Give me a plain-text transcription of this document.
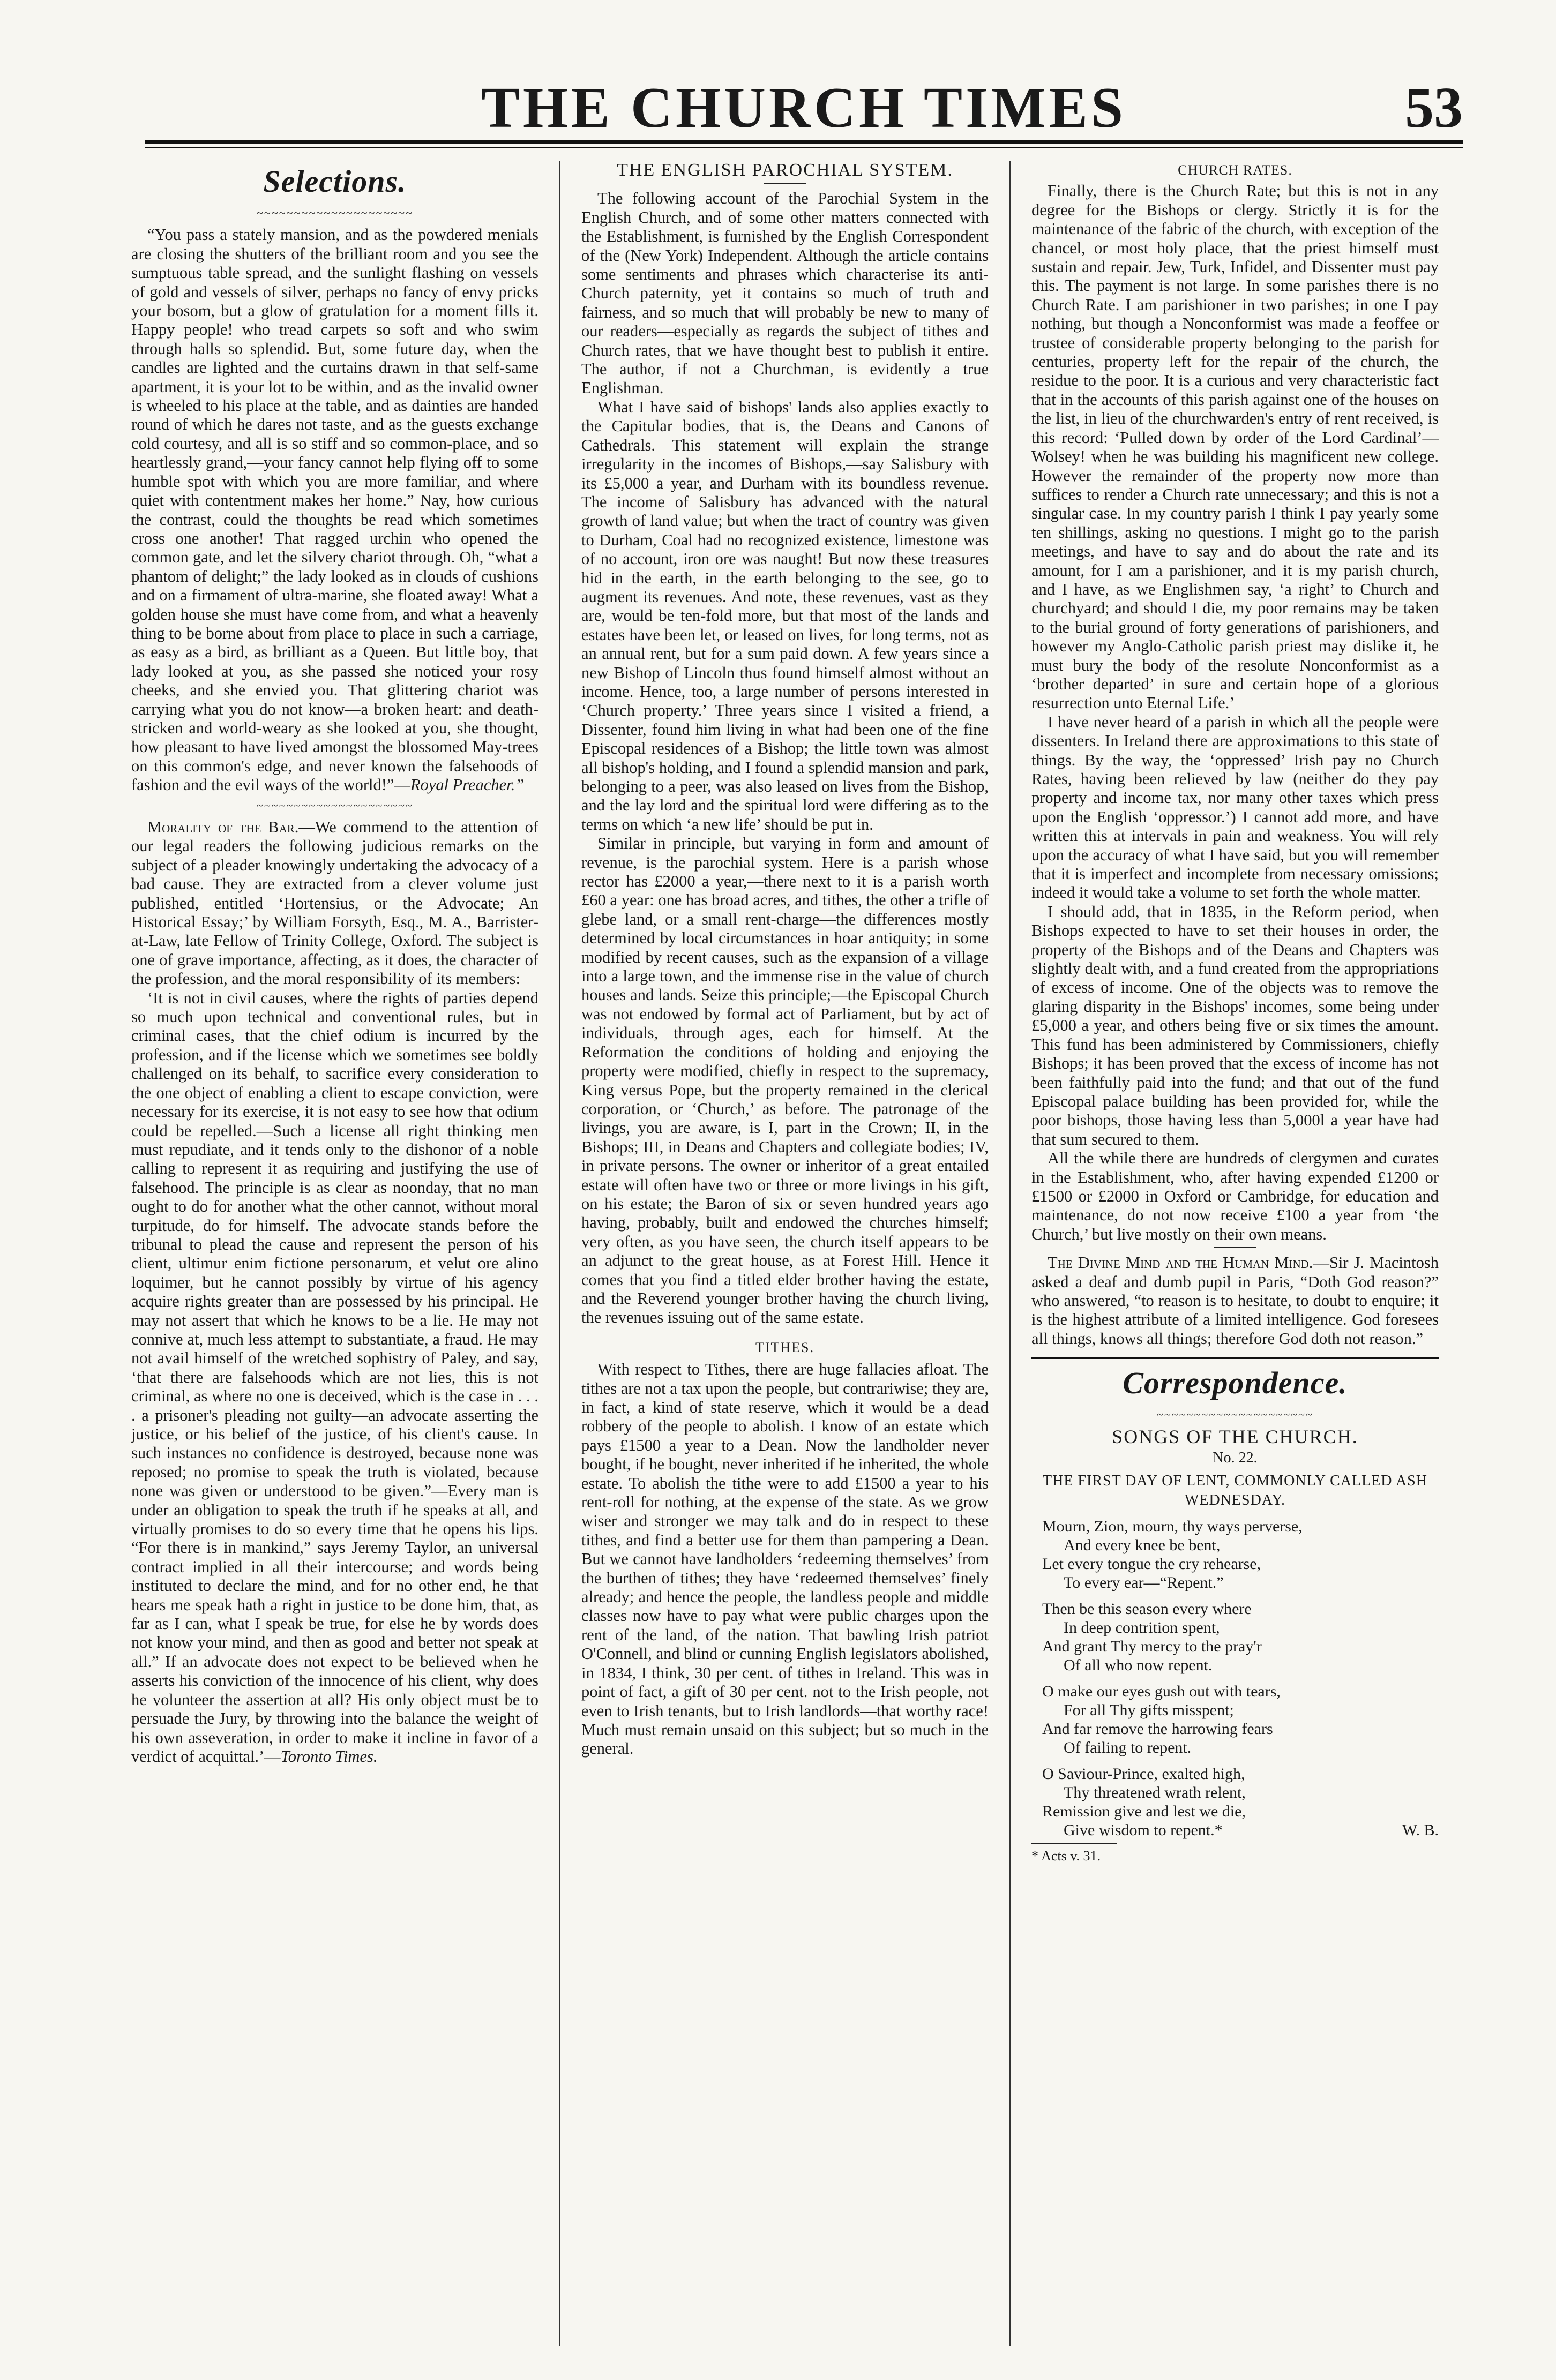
THE CHURCH TIMES	53
Selections.
~~~~~~~~~~~~~~~~~~~~~

“You pass a stately mansion, and as the powdered menials are closing the shutters of the brilliant room and you see the sumptuous table spread, and the sunlight flashing on vessels of gold and vessels of silver, perhaps no fancy of envy pricks your bosom, but a glow of gratulation for a moment fills it. Happy people! who tread carpets so soft and who swim through halls so splendid. But, some future day, when the candles are lighted and the curtains drawn in that self-same apartment, it is your lot to be within, and as the invalid owner is wheeled to his place at the table, and as dainties are handed round of which he dares not taste, and as the guests exchange cold courtesy, and all is so stiff and so common-place, and so heartlessly grand,—your fancy cannot help flying off to some humble spot with which you are more familiar, and where quiet with contentment makes her home.” Nay, how curious the contrast, could the thoughts be read which sometimes cross one another! That ragged urchin who opened the common gate, and let the silvery chariot through. Oh, “what a phantom of delight;” the lady looked as in clouds of cushions and on a firmament of ultra-marine, she floated away! What a golden house she must have come from, and what a heavenly thing to be borne about from place to place in such a carriage, as easy as a bird, as brilliant as a Queen. But little boy, that lady looked at you, as she passed she noticed your rosy cheeks, and she envied you. That glittering chariot was carrying what you do not know—a broken heart: and death-stricken and world-weary as she looked at you, she thought, how pleasant to have lived amongst the blossomed May-trees on this common's edge, and never known the falsehoods of fashion and the evil ways of the world!”—Royal Preacher.”

~~~~~~~~~~~~~~~~~~~~~

Morality of the Bar.—We commend to the attention of our legal readers the following judicious remarks on the subject of a pleader knowingly undertaking the advocacy of a bad cause. They are extracted from a clever volume just published, entitled ‘Hortensius, or the Advocate; An Historical Essay;’ by William Forsyth, Esq., M. A., Barrister-at-Law, late Fellow of Trinity College, Oxford. The subject is one of grave importance, affecting, as it does, the character of the profession, and the moral responsibility of its members:

‘It is not in civil causes, where the rights of parties depend so much upon technical and conventional rules, but in criminal cases, that the chief odium is incurred by the profession, and if the license which we sometimes see boldly challenged on its behalf, to sacrifice every consideration to the one object of enabling a client to escape conviction, were necessary for its exercise, it is not easy to see how that odium could be repelled.—Such a license all right thinking men must repudiate, and it tends only to the dishonor of a noble calling to represent it as requiring and justifying the use of falsehood. The principle is as clear as noonday, that no man ought to do for another what the other cannot, without moral turpitude, do for himself. The advocate stands before the tribunal to plead the cause and represent the person of his client, ultimur enim fictione personarum, et velut ore alino loquimer, but he cannot possibly by virtue of his agency acquire rights greater than are possessed by his principal. He may not assert that which he knows to be a lie. He may not connive at, much less attempt to substantiate, a fraud. He may not avail himself of the wretched sophistry of Paley, and say, ‘that there are falsehoods which are not lies, this is not criminal, as where no one is deceived, which is the case in . . . . a prisoner's pleading not guilty—an advocate asserting the justice, or his belief of the justice, of his client's cause. In such instances no confidence is destroyed, because none was reposed; no promise to speak the truth is violated, because none was given or understood to be given.”—Every man is under an obligation to speak the truth if he speaks at all, and virtually promises to do so every time that he opens his lips. “For there is in mankind,” says Jeremy Taylor, an universal contract implied in all their intercourse; and words being instituted to declare the mind, and for no other end, he that hears me speak hath a right in justice to be done him, that, as far as I can, what I speak be true, for else he by words does not know your mind, and then as good and better not speak at all.” If an advocate does not expect to be believed when he asserts his conviction of the innocence of his client, why does he volunteer the assertion at all? His only object must be to persuade the Jury, by throwing into the balance the weight of his own asseveration, in order to make it incline in favor of a verdict of acquittal.’—Toronto Times.

THE ENGLISH PAROCHIAL SYSTEM.

The following account of the Parochial System in the English Church, and of some other matters connected with the Establishment, is furnished by the English Correspondent of the (New York) Independent. Although the article contains some sentiments and phrases which characterise its anti-Church paternity, yet it contains so much of truth and fairness, and so much that will probably be new to many of our readers—especially as regards the subject of tithes and Church rates, that we have thought best to publish it entire. The author, if not a Churchman, is evidently a true Englishman.

What I have said of bishops' lands also applies exactly to the Capitular bodies, that is, the Deans and Canons of Cathedrals. This statement will explain the strange irregularity in the incomes of Bishops,—say Salisbury with its £5,000 a year, and Durham with its boundless revenue. The income of Salisbury has advanced with the natural growth of land value; but when the tract of country was given to Durham, Coal had no recognized existence, limestone was of no account, iron ore was naught! But now these treasures hid in the earth, in the earth belonging to the see, go to augment its revenues. And note, these revenues, vast as they are, would be ten-fold more, but that most of the lands and estates have been let, or leased on lives, for long terms, not as an annual rent, but for a sum paid down. A few years since a new Bishop of Lincoln thus found himself almost without an income. Hence, too, a large number of persons interested in ‘Church property.’ Three years since I visited a friend, a Dissenter, found him living in what had been one of the fine Episcopal residences of a Bishop; the little town was almost all bishop's holding, and I found a splendid mansion and park, belonging to a peer, was also leased on lives from the Bishop, and the lay lord and the spiritual lord were differing as to the terms on which ‘a new life’ should be put in.

Similar in principle, but varying in form and amount of revenue, is the parochial system. Here is a parish whose rector has £2000 a year,—there next to it is a parish worth £60 a year: one has broad acres, and tithes, the other a trifle of glebe land, or a small rent-charge—the differences mostly determined by local circumstances in hoar antiquity; in some modified by recent causes, such as the expansion of a village into a large town, and the immense rise in the value of church houses and lands. Seize this principle;—the Episcopal Church was not endowed by formal act of Parliament, but by act of individuals, through ages, each for himself. At the Reformation the conditions of holding and enjoying the property were modified, chiefly in respect to the supremacy, King versus Pope, but the property remained in the clerical corporation, or ‘Church,’ as before. The patronage of the livings, you are aware, is I, part in the Crown; II, in the Bishops; III, in Deans and Chapters and collegiate bodies; IV, in private persons. The owner or inheritor of a great entailed estate will often have two or three or more livings in his gift, on his estate; the Baron of six or seven hundred years ago having, probably, built and endowed the churches himself; very often, as you have seen, the church itself appears to be an adjunct to the great house, as at Forest Hill. Hence it comes that you find a titled elder brother having the estate, and the Reverend younger brother having the church living, the revenues issuing out of the same estate.

TITHES.

With respect to Tithes, there are huge fallacies afloat. The tithes are not a tax upon the people, but contrariwise; they are, in fact, a kind of state reserve, which it would be a dead robbery of the people to abolish. I know of an estate which pays £1500 a year to a Dean. Now the landholder never bought, if he bought, never inherited if he inherited, the whole estate. To abolish the tithe were to add £1500 a year to his rent-roll for nothing, at the expense of the state. As we grow wiser and stronger we may talk and do in respect to these tithes, and find a better use for them than pampering a Dean. But we cannot have landholders ‘redeeming themselves’ from the burthen of tithes; they have ‘redeemed themselves’ finely already; and hence the people, the landless people and middle classes now have to pay what were public charges upon the rent of the land, of the nation. That bawling Irish patriot O'Connell, and blind or cunning English legislators abolished, in 1834, I think, 30 per cent. of tithes in Ireland. This was in point of fact, a gift of 30 per cent. not to the Irish people, not even to Irish tenants, but to Irish landlords—that worthy race! Much must remain unsaid on this subject; but so much in the general.

CHURCH RATES.

Finally, there is the Church Rate; but this is not in any degree for the Bishops or clergy. Strictly it is for the maintenance of the fabric of the church, with exception of the chancel, or most holy place, that the priest himself must sustain and repair. Jew, Turk, Infidel, and Dissenter must pay this. The payment is not large. In some parishes there is no Church Rate. I am parishioner in two parishes; in one I pay nothing, but though a Nonconformist was made a feoffee or trustee of considerable property belonging to the parish for centuries, property left for the repair of the church, the residue to the poor. It is a curious and very characteristic fact that in the accounts of this parish against one of the houses on the list, in lieu of the churchwarden's entry of rent received, is this record: ‘Pulled down by order of the Lord Cardinal’—Wolsey! when he was building his magnificent new college. However the remainder of the property now more than suffices to render a Church rate unnecessary; and this is not a singular case. In my country parish I think I pay yearly some ten shillings, asking no questions. I might go to the parish meetings, and have to say and do about the rate and its amount, for I am a parishioner, and it is my parish church, and I have, as we Englishmen say, ‘a right’ to Church and churchyard; and should I die, my poor remains may be taken to the burial ground of forty generations of parishioners, and however my Anglo-Catholic parish priest may dislike it, he must bury the body of the resolute Nonconformist as a ‘brother departed’ in sure and certain hope of a glorious resurrection unto Eternal Life.’

I have never heard of a parish in which all the people were dissenters. In Ireland there are approximations to this state of things. By the way, the ‘oppressed’ Irish pay no Church Rates, having been relieved by law (neither do they pay property and income tax, nor many other taxes which press upon the English ‘oppressor.’) I cannot add more, and have written this at intervals in pain and weakness. You will rely upon the accuracy of what I have said, but you will remember that it is imperfect and incomplete from necessary omissions; indeed it would take a volume to set forth the whole matter.

I should add, that in 1835, in the Reform period, when Bishops expected to have to set their houses in order, the property of the Bishops and of the Deans and Chapters was slightly dealt with, and a fund created from the appropriations of excess of income. One of the objects was to remove the glaring disparity in the Bishops' incomes, some being under £5,000 a year, and others being five or six times the amount. This fund has been administered by Commissioners, chiefly Bishops; it has been proved that the excess of income has not been faithfully paid into the fund; and that out of the fund Episcopal palace building has been provided for, while the poor bishops, those having less than 5,000l a year have had that sum secured to them.

All the while there are hundreds of clergymen and curates in the Establishment, who, after having expended £1200 or £1500 or £2000 in Oxford or Cambridge, for education and maintenance, do not now receive £100 a year from ‘the Church,’ but live mostly on their own means.

The Divine Mind and the Human Mind.—Sir J. Macintosh asked a deaf and dumb pupil in Paris, “Doth God reason?” who answered, “to reason is to hesitate, to doubt to enquire; it is the highest attribute of a limited intelligence. God foresees all things, knows all things; therefore God doth not reason.”

Correspondence.
~~~~~~~~~~~~~~~~~~~~~
SONGS OF THE CHURCH.
No. 22.
THE FIRST DAY OF LENT, COMMONLY CALLED ASH WEDNESDAY.
Mourn, Zion, mourn, thy ways perverse,
And every knee be bent,
Let every tongue the cry rehearse,
To every ear—“Repent.”
Then be this season every where
In deep contrition spent,
And grant Thy mercy to the pray'r
Of all who now repent.
O make our eyes gush out with tears,
For all Thy gifts misspent;
And far remove the harrowing fears
Of failing to repent.
O Saviour-Prince, exalted high,
Thy threatened wrath relent,
Remission give and lest we die,
Give wisdom to repent.*	W. B.
* Acts v. 31.
